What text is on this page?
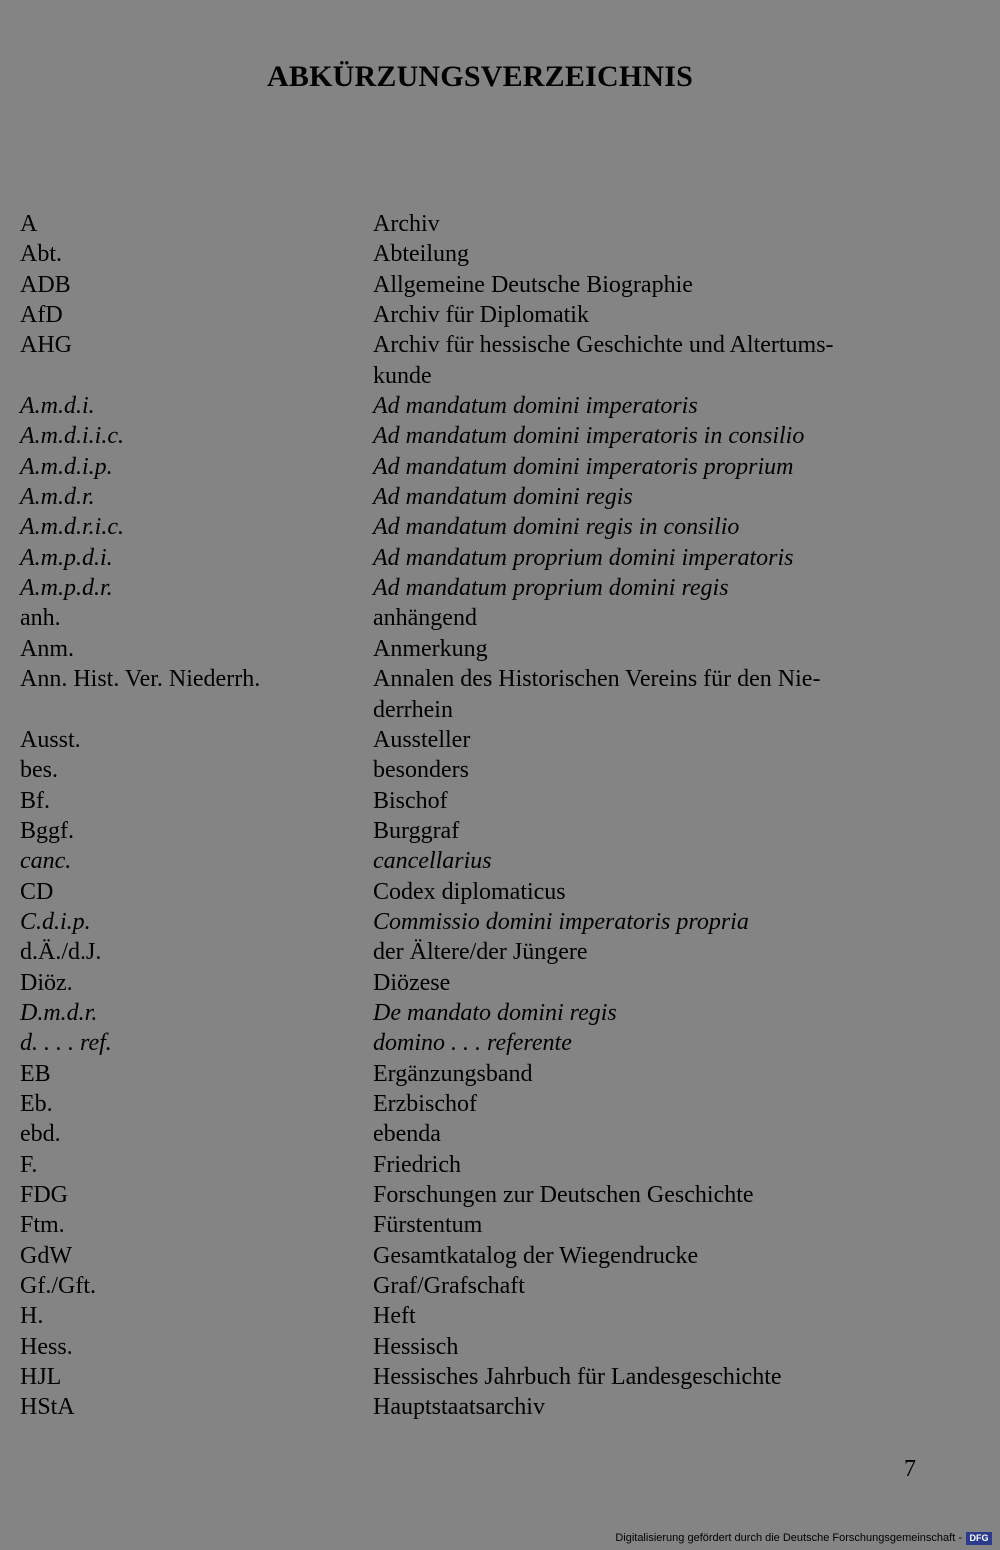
ABKÜRZUNGSVERZEICHNIS
A	Archiv
Abt.	Abteilung
ADB	Allgemeine Deutsche Biographie
AfD	Archiv für Diplomatik
AHG	Archiv für hessische Geschichte und Altertums-
kunde
A.m.d.i.	Ad mandatum domini imperatoris
A.m.d.i.i.c.	Ad mandatum domini imperatoris in consilio
A.m.d.i.p.	Ad mandatum domini imperatoris proprium
A.m.d.r.	Ad mandatum domini regis
A.m.d.r.i.c.	Ad mandatum domini regis in consilio
A.m.p.d.i.	Ad mandatum proprium domini imperatoris
A.m.p.d.r.	Ad mandatum proprium domini regis
anh.	anhängend
Anm.	Anmerkung
Ann. Hist. Ver. Niederrh.	Annalen des Historischen Vereins für den Nie-
derrhein
Ausst.	Aussteller
bes.	besonders
Bf.	Bischof
Bggf.	Burggraf
canc.	cancellarius
CD	Codex diplomaticus
C.d.i.p.	Commissio domini imperatoris propria
d.Ä./d.J.	der Ältere/der Jüngere
Diöz.	Diözese
D.m.d.r.	De mandato domini regis
d. . . . ref.	domino . . . referente
EB	Ergänzungsband
Eb.	Erzbischof
ebd.	ebenda
F.	Friedrich
FDG	Forschungen zur Deutschen Geschichte
Ftm.	Fürstentum
GdW	Gesamtkatalog der Wiegendrucke
Gf./Gft.	Graf/Grafschaft
H.	Heft
Hess.	Hessisch
HJL	Hessisches Jahrbuch für Landesgeschichte
HStA	Hauptstaatsarchiv
7
Digitalisierung gefördert durch die Deutsche Forschungsgemeinschaft - DFG
